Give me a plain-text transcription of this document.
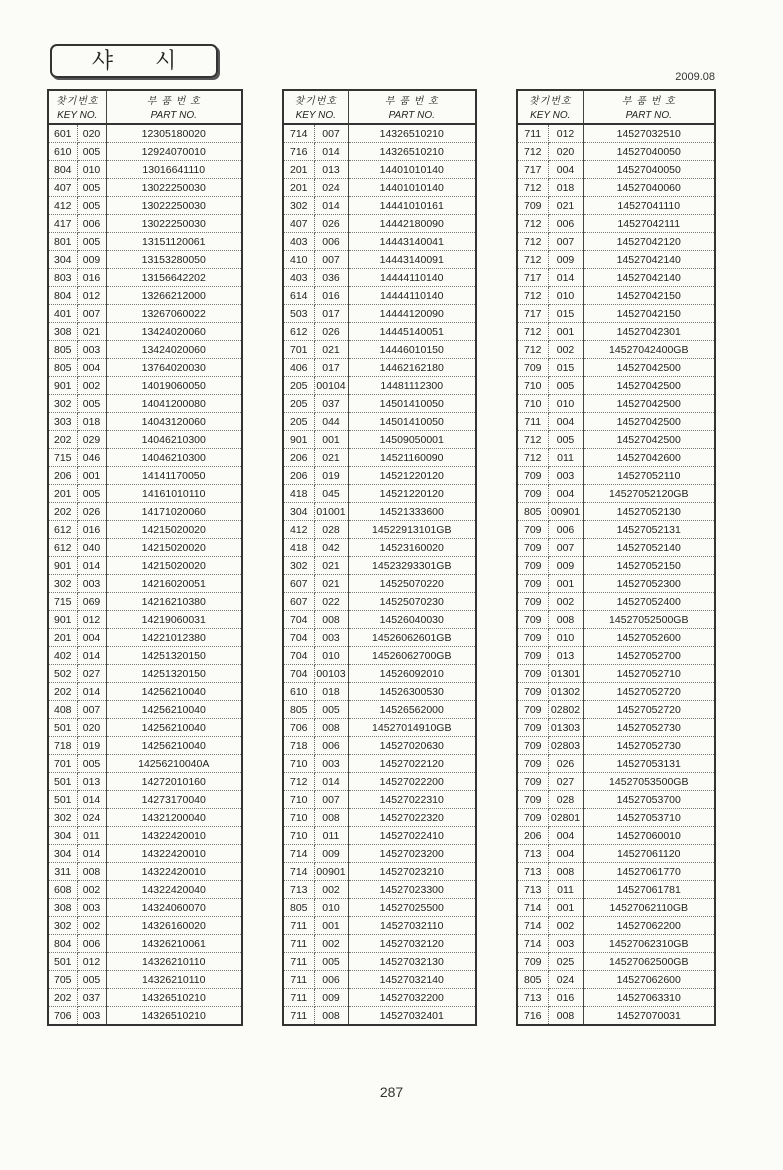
샤 시
2009.08
찾기번호		부 품 번 호
KEY NO.		PART NO.
601	020	12305180020
610	005	12924070010
804	010	13016641110
407	005	13022250030
412	005	13022250030
417	006	13022250030
801	005	13151120061
304	009	13153280050
803	016	13156642202
804	012	13266212000
401	007	13267060022
308	021	13424020060
805	003	13424020060
805	004	13764020030
901	002	14019060050
302	005	14041200080
303	018	14043120060
202	029	14046210300
715	046	14046210300
206	001	14141170050
201	005	14161010110
202	026	14171020060
612	016	14215020020
612	040	14215020020
901	014	14215020020
302	003	14216020051
715	069	14216210380
901	012	14219060031
201	004	14221012380
402	014	14251320150
502	027	14251320150
202	014	14256210040
408	007	14256210040
501	020	14256210040
718	019	14256210040
701	005	14256210040A
501	013	14272010160
501	014	14273170040
302	024	14321200040
304	011	14322420010
304	014	14322420010
311	008	14322420010
608	002	14322420040
308	003	14324060070
302	002	14326160020
804	006	14326210061
501	012	14326210110
705	005	14326210110
202	037	14326510210
706	003	14326510210
찾기번호		부 품 번 호
KEY NO.		PART NO.
714	007	14326510210
716	014	14326510210
201	013	14401010140
201	024	14401010140
302	014	14441010161
407	026	14442180090
403	006	14443140041
410	007	14443140091
403	036	14444110140
614	016	14444110140
503	017	14444120090
612	026	14445140051
701	021	14446010150
406	017	14462162180
205	00104	14481112300
205	037	14501410050
205	044	14501410050
901	001	14509050001
206	021	14521160090
206	019	14521220120
418	045	14521220120
304	01001	14521333600
412	028	14522913101GB
418	042	14523160020
302	021	14523293301GB
607	021	14525070220
607	022	14525070230
704	008	14526040030
704	003	14526062601GB
704	010	14526062700GB
704	00103	14526092010
610	018	14526300530
805	005	14526562000
706	008	14527014910GB
718	006	14527020630
710	003	14527022120
712	014	14527022200
710	007	14527022310
710	008	14527022320
710	011	14527022410
714	009	14527023200
714	00901	14527023210
713	002	14527023300
805	010	14527025500
711	001	14527032110
711	002	14527032120
711	005	14527032130
711	006	14527032140
711	009	14527032200
711	008	14527032401
찾기번호		부 품 번 호
KEY NO.		PART NO.
711	012	14527032510
712	020	14527040050
717	004	14527040050
712	018	14527040060
709	021	14527041110
712	006	14527042111
712	007	14527042120
712	009	14527042140
717	014	14527042140
712	010	14527042150
717	015	14527042150
712	001	14527042301
712	002	14527042400GB
709	015	14527042500
710	005	14527042500
710	010	14527042500
711	004	14527042500
712	005	14527042500
712	011	14527042600
709	003	14527052110
709	004	14527052120GB
805	00901	14527052130
709	006	14527052131
709	007	14527052140
709	009	14527052150
709	001	14527052300
709	002	14527052400
709	008	14527052500GB
709	010	14527052600
709	013	14527052700
709	01301	14527052710
709	01302	14527052720
709	02802	14527052720
709	01303	14527052730
709	02803	14527052730
709	026	14527053131
709	027	14527053500GB
709	028	14527053700
709	02801	14527053710
206	004	14527060010
713	004	14527061120
713	008	14527061770
713	011	14527061781
714	001	14527062110GB
714	002	14527062200
714	003	14527062310GB
709	025	14527062500GB
805	024	14527062600
713	016	14527063310
716	008	14527070031
287
